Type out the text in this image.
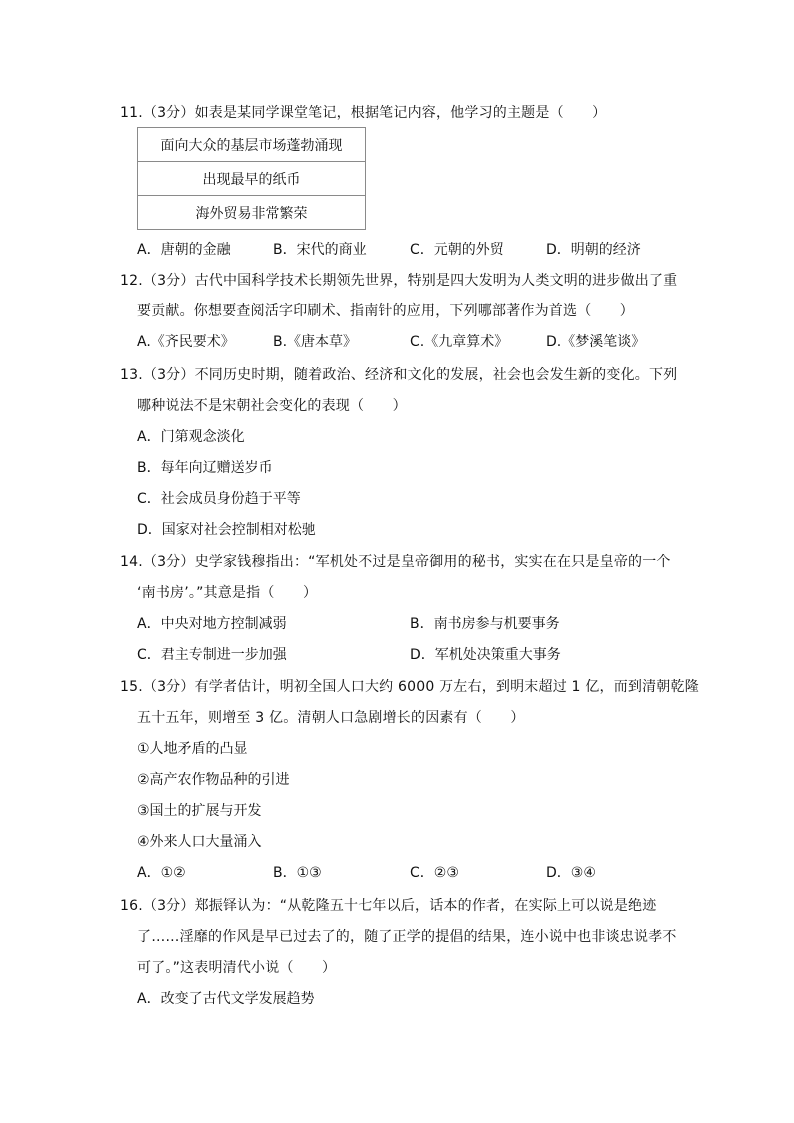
11.（3分）如表是某同学课堂笔记，根据笔记内容，他学习的主题是（　　）
面向大众的基层市场蓬勃涌现
出现最早的纸币
海外贸易非常繁荣
A．唐朝的金融	B．宋代的商业	C．元朝的外贸	D．明朝的经济
12.（3分）古代中国科学技术长期领先世界，特别是四大发明为人类文明的进步做出了重
要贡献。你想要查阅活字印刷术、指南针的应用，下列哪部著作为首选（　　）
A.《齐民要术》	B.《唐本草》	C.《九章算术》	D.《梦溪笔谈》
13.（3分）不同历史时期，随着政治、经济和文化的发展，社会也会发生新的变化。下列
哪种说法不是宋朝社会变化的表现（　　）
A．门第观念淡化
B．每年向辽赠送岁币
C．社会成员身份趋于平等
D．国家对社会控制相对松驰
14.（3分）史学家钱穆指出：“军机处不过是皇帝御用的秘书，实实在在只是皇帝的一个
‘南书房’。”其意是指（　　）
A．中央对地方控制减弱	B．南书房参与机要事务
C．君主专制进一步加强	D．军机处决策重大事务
15.（3分）有学者估计，明初全国人口大约 6000 万左右，到明末超过 1 亿，而到清朝乾隆
五十五年，则增至 3 亿。清朝人口急剧增长的因素有（　　）
①人地矛盾的凸显
②高产农作物品种的引进
③国土的扩展与开发
④外来人口大量涌入
A．①②	B．①③	C．②③	D．③④
16.（3分）郑振铎认为：“从乾隆五十七年以后，话本的作者，在实际上可以说是绝迹
了……淫靡的作风是早已过去了的，随了正学的提倡的结果，连小说中也非谈忠说孝不
可了。”这表明清代小说（　　）
A．改变了古代文学发展趋势
